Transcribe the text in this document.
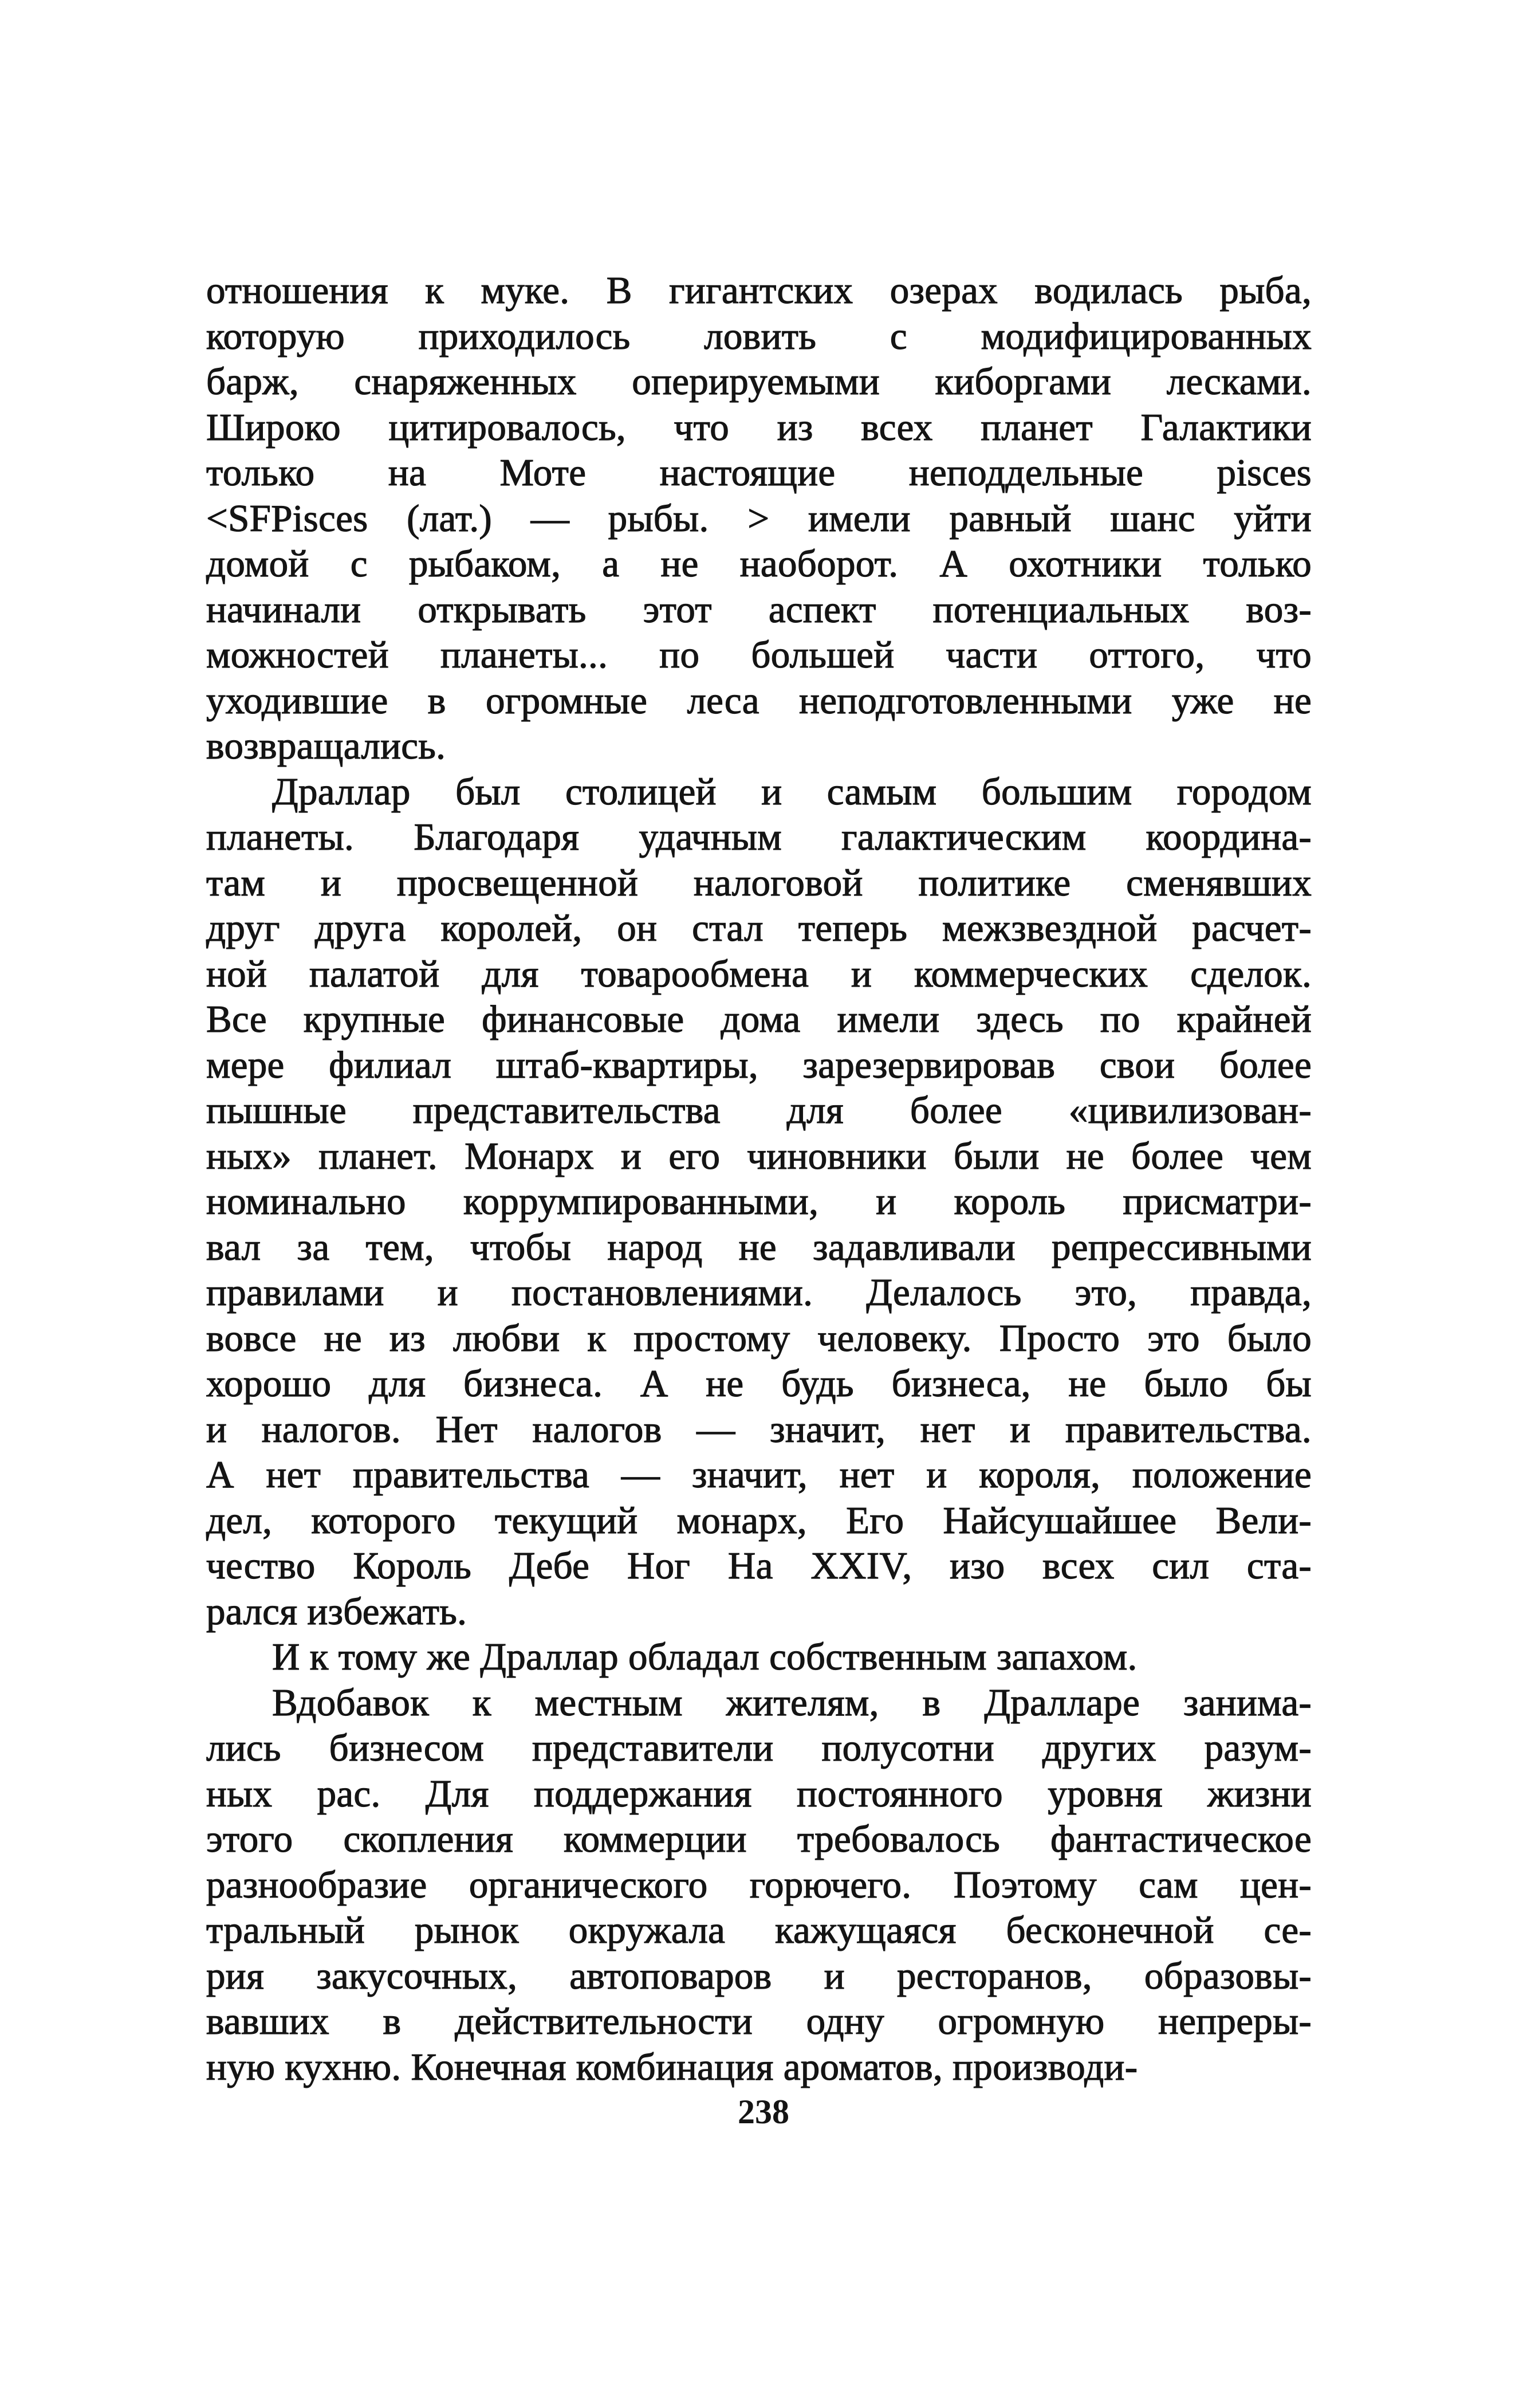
отношения к муке. В гигантских озерах водилась рыба,
которую приходилось ловить с модифицированных
барж, снаряженных оперируемыми киборгами лесками.
Широко цитировалось, что из всех планет Галактики
только на Моте настоящие неподдельные pisces
<SFPisces (лат.) — рыбы. > имели равный шанс уйти
домой с рыбаком, а не наоборот. А охотники только
начинали открывать этот аспект потенциальных воз-
можностей планеты... по большей части оттого, что
уходившие в огромные леса неподготовленными уже не
возвращались.

Драллар был столицей и самым большим городом
планеты. Благодаря удачным галактическим координа-
там и просвещенной налоговой политике сменявших
друг друга королей, он стал теперь межзвездной расчет-
ной палатой для товарообмена и коммерческих сделок.
Все крупные финансовые дома имели здесь по крайней
мере филиал штаб-квартиры, зарезервировав свои более
пышные представительства для более «цивилизован-
ных» планет. Монарх и его чиновники были не более чем
номинально коррумпированными, и король присматри-
вал за тем, чтобы народ не задавливали репрессивными
правилами и постановлениями. Делалось это, правда,
вовсе не из любви к простому человеку. Просто это было
хорошо для бизнеса. А не будь бизнеса, не было бы
и налогов. Нет налогов — значит, нет и правительства.
А нет правительства — значит, нет и короля, положение
дел, которого текущий монарх, Его Найсушайшее Вели-
чество Король Дебе Ног На XXIV, изо всех сил ста-
рался избежать.

И к тому же Драллар обладал собственным запахом.

Вдобавок к местным жителям, в Дралларе занима-
лись бизнесом представители полусотни других разум-
ных рас. Для поддержания постоянного уровня жизни
этого скопления коммерции требовалось фантастическое
разнообразие органического горючего. Поэтому сам цен-
тральный рынок окружала кажущаяся бесконечной се-
рия закусочных, автоповаров и ресторанов, образовы-
вавших в действительности одну огромную непреры-
ную кухню. Конечная комбинация ароматов, производи-

238
